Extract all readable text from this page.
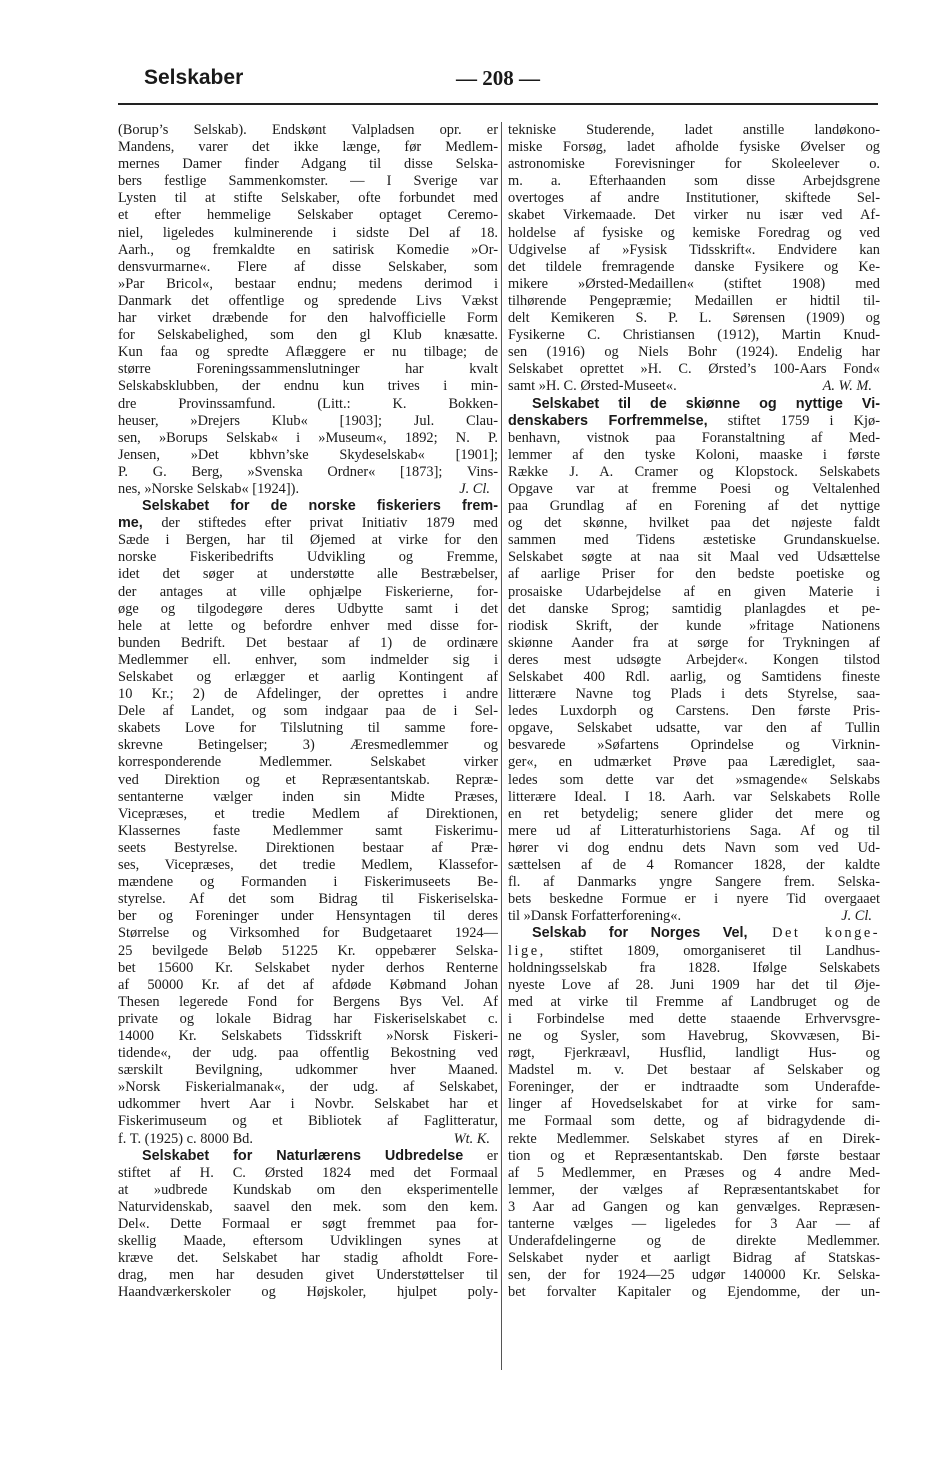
Selskaber	— 208 —
(Borup’s Selskab). Endskønt Valpladsen opr. er
Mandens, varer det ikke længe, før Medlem-
mernes Damer finder Adgang til disse Selska-
bers festlige Sammenkomster. — I Sverige var
Lysten til at stifte Selskaber, ofte forbundet med
et efter hemmelige Selskaber optaget Ceremo-
niel, ligeledes kulminerende i sidste Del af 18.
Aarh., og fremkaldte en satirisk Komedie »Or-
densvurmarne«. Flere af disse Selskaber, som
»Par Bricol«, bestaar endnu; medens derimod i
Danmark det offentlige og spredende Livs Vækst
har virket dræbende for den halvofficielle Form
for Selskabelighed, som den gl Klub knæsatte.
Kun faa og spredte Aflæggere er nu tilbage; de
større Foreningssammenslutninger har kvalt
Selskabsklubben, der endnu kun trives i min-
dre Provinssamfund. (Litt.: K. Bokken-
heuser, »Drejers Klub« [1903]; Jul. Clau-
sen, »Borups Selskab« i »Museum«, 1892; N. P.
Jensen, »Det kbhvn’ske Skydeselskab« [1901];
P. G. Berg, »Svenska Ordner« [1873]; Vins-
nes, »Norske Selskab« [1924]).	J. Cl.
Selskabet for de norske fiskeriers frem-
me, der stiftedes efter privat Initiativ 1879 med
Sæde i Bergen, har til Øjemed at virke for den
norske Fiskeribedrifts Udvikling og Fremme,
idet det søger at understøtte alle Bestræbelser,
der antages at ville ophjælpe Fiskerierne, for-
øge og tilgodegøre deres Udbytte samt i det
hele at lette og befordre enhver med disse for-
bunden Bedrift. Det bestaar af 1) de ordinære
Medlemmer ell. enhver, som indmelder sig i
Selskabet og erlægger et aarlig Kontingent af
10 Kr.; 2) de Afdelinger, der oprettes i andre
Dele af Landet, og som indgaar paa de i Sel-
skabets Love for Tilslutning til samme fore-
skrevne Betingelser; 3) Æresmedlemmer og
korresponderende Medlemmer. Selskabet virker
ved Direktion og et Repræsentantskab. Repræ-
sentanterne vælger inden sin Midte Præses,
Vicepræses, et tredie Medlem af Direktionen,
Klassernes faste Medlemmer samt Fiskerimu-
seets Bestyrelse. Direktionen bestaar af Præ-
ses, Vicepræses, det tredie Medlem, Klassefor-
mændene og Formanden i Fiskerimuseets Be-
styrelse. Af det som Bidrag til Fiskeriselska-
ber og Foreninger under Hensyntagen til deres
Størrelse og Virksomhed for Budgetaaret 1924—
25 bevilgede Beløb 51225 Kr. oppebærer Selska-
bet 15600 Kr. Selskabet nyder derhos Renterne
af 50000 Kr. af det af afdøde Købmand Johan
Thesen legerede Fond for Bergens Bys Vel. Af
private og lokale Bidrag har Fiskeriselskabet c.
14000 Kr. Selskabets Tidsskrift »Norsk Fiskeri-
tidende«, der udg. paa offentlig Bekostning ved
særskilt Bevilgning, udkommer hver Maaned.
»Norsk Fiskerialmanak«, der udg. af Selskabet,
udkommer hvert Aar i Novbr. Selskabet har et
Fiskerimuseum og et Bibliotek af Faglitteratur,
f. T. (1925) c. 8000 Bd.	Wt. K.
Selskabet for Naturlærens Udbredelse er
stiftet af H. C. Ørsted 1824 med det Formaal
at »udbrede Kundskab om den eksperimentelle
Naturvidenskab, saavel den mek. som den kem.
Del«. Dette Formaal er søgt fremmet paa for-
skellig Maade, eftersom Udviklingen synes at
kræve det. Selskabet har stadig afholdt Fore-
drag, men har desuden givet Understøttelser til
Haandværkerskoler og Højskoler, hjulpet poly-
tekniske Studerende, ladet anstille landøkono-
miske Forsøg, ladet afholde fysiske Øvelser og
astronomiske Forevisninger for Skoleelever o.
m. a. Efterhaanden som disse Arbejdsgrene
overtoges af andre Institutioner, skiftede Sel-
skabet Virkemaade. Det virker nu især ved Af-
holdelse af fysiske og kemiske Foredrag og ved
Udgivelse af »Fysisk Tidsskrift«. Endvidere kan
det tildele fremragende danske Fysikere og Ke-
mikere »Ørsted-Medaillen« (stiftet 1908) med
tilhørende Pengepræmie; Medaillen er hidtil til-
delt Kemikeren S. P. L. Sørensen (1909) og
Fysikerne C. Christiansen (1912), Martin Knud-
sen (1916) og Niels Bohr (1924). Endelig har
Selskabet oprettet »H. C. Ørsted’s 100-Aars Fond«
samt »H. C. Ørsted-Museet«.	A. W. M.
Selskabet til de skiønne og nyttige Vi-
denskabers Forfremmelse, stiftet 1759 i Kjø-
benhavn, vistnok paa Foranstaltning af Med-
lemmer af den tyske Koloni, maaske i første
Række J. A. Cramer og Klopstock. Selskabets
Opgave var at fremme Poesi og Veltalenhed
paa Grundlag af en Forening af det nyttige
og det skønne, hvilket paa det nøjeste faldt
sammen med Tidens æstetiske Grundanskuelse.
Selskabet søgte at naa sit Maal ved Udsættelse
af aarlige Priser for den bedste poetiske og
prosaiske Udarbejdelse af en given Materie i
det danske Sprog; samtidig planlagdes et pe-
riodisk Skrift, der kunde »fritage Nationens
skiønne Aander fra at sørge for Trykningen af
deres mest udsøgte Arbejder«. Kongen tilstod
Selskabet 400 Rdl. aarlig, og Samtidens fineste
litterære Navne tog Plads i dets Styrelse, saa-
ledes Luxdorph og Carstens. Den første Pris-
opgave, Selskabet udsatte, var den af Tullin
besvarede »Søfartens Oprindelse og Virknin-
ger«, en udmærket Prøve paa Lærediglet, saa-
ledes som dette var det »smagende« Selskabs
litterære Ideal. I 18. Aarh. var Selskabets Rolle
en ret betydelig; senere glider det mere og
mere ud af Litteraturhistoriens Saga. Af og til
hører vi dog endnu dets Navn som ved Ud-
sættelsen af de 4 Romancer 1828, der kaldte
fl. af Danmarks yngre Sangere frem. Selska-
bets beskedne Formue er i nyere Tid overgaaet
til »Dansk Forfatterforening«.	J. Cl.
Selskab for Norges Vel, Det konge-
lige, stiftet 1809, omorganiseret til Landhus-
holdningsselskab fra 1828. Ifølge Selskabets
nyeste Love af 28. Juni 1909 har det til Øje-
med at virke til Fremme af Landbruget og de
i Forbindelse med dette staaende Erhvervsgre-
ne og Sysler, som Havebrug, Skovvæsen, Bi-
røgt, Fjerkræavl, Husflid, landligt Hus- og
Madstel m. v. Det bestaar af Selskaber og
Foreninger, der er indtraadte som Underafde-
linger af Hovedselskabet for at virke for sam-
me Formaal som dette, og af bidragydende di-
rekte Medlemmer. Selskabet styres af en Direk-
tion og et Repræsentantskab. Den første bestaar
af 5 Medlemmer, en Præses og 4 andre Med-
lemmer, der vælges af Repræsentantskabet for
3 Aar ad Gangen og kan genvælges. Repræsen-
tanterne vælges — ligeledes for 3 Aar — af
Underafdelingerne og de direkte Medlemmer.
Selskabet nyder et aarligt Bidrag af Statskas-
sen, der for 1924—25 udgør 140000 Kr. Selska-
bet forvalter Kapitaler og Ejendomme, der un-
